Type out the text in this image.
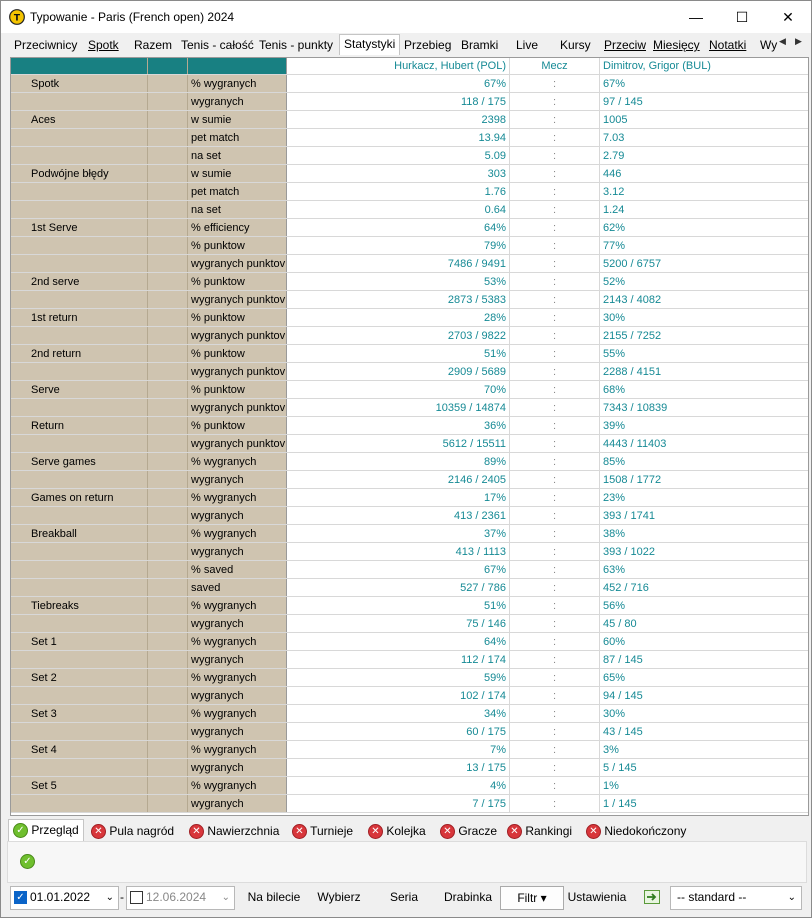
T Typowanie - Paris (French open) 2024	—	☐	✕
Przeciwnicy Spotk Razem Tenis - całość Tenis - punkty Statystyki Przebieg Bramki Live Kursy Przeciw Miesięcy Notatki Wy ◀ ▶
			Hurkacz, Hubert (POL)	Mecz	Dimitrov, Grigor (BUL)
Spotk		% wygranych	67%	:	67%
		wygranych	118 / 175	:	97 / 145
Aces		w sumie	2398	:	1005
		pet match	13.94	:	7.03
		na set	5.09	:	2.79
Podwójne błędy		w sumie	303	:	446
		pet match	1.76	:	3.12
		na set	0.64	:	1.24
1st Serve		% efficiency	64%	:	62%
		% punktow	79%	:	77%
		wygranych punktov	7486 / 9491	:	5200 / 6757
2nd serve		% punktow	53%	:	52%
		wygranych punktov	2873 / 5383	:	2143 / 4082
1st return		% punktow	28%	:	30%
		wygranych punktov	2703 / 9822	:	2155 / 7252
2nd return		% punktow	51%	:	55%
		wygranych punktov	2909 / 5689	:	2288 / 4151
Serve		% punktow	70%	:	68%
		wygranych punktov	10359 / 14874	:	7343 / 10839
Return		% punktow	36%	:	39%
		wygranych punktov	5612 / 15511	:	4443 / 11403
Serve games		% wygranych	89%	:	85%
		wygranych	2146 / 2405	:	1508 / 1772
Games on return		% wygranych	17%	:	23%
		wygranych	413 / 2361	:	393 / 1741
Breakball		% wygranych	37%	:	38%
		wygranych	413 / 1113	:	393 / 1022
		% saved	67%	:	63%
		saved	527 / 786	:	452 / 716
Tiebreaks		% wygranych	51%	:	56%
		wygranych	75 / 146	:	45 / 80
Set 1		% wygranych	64%	:	60%
		wygranych	112 / 174	:	87 / 145
Set 2		% wygranych	59%	:	65%
		wygranych	102 / 174	:	94 / 145
Set 3		% wygranych	34%	:	30%
		wygranych	60 / 175	:	43 / 145
Set 4		% wygranych	7%	:	3%
		wygranych	13 / 175	:	5 / 145
Set 5		% wygranych	4%	:	1%
		wygranych	7 / 175	:	1 / 145
✓ Przegląd	✕ Pula nagród	✕ Nawierzchnia	✕ Turnieje	✕ Kolejka	✕ Gracze	✕ Rankingi	✕ Niedokończony
✓
✓ 01.01.2022 ⌄ - 12.06.2024 ⌄ Na bilecie	Wybierz	Seria	Drabinka	Filtr ▾	Ustawienia	-- standard --	⌄
